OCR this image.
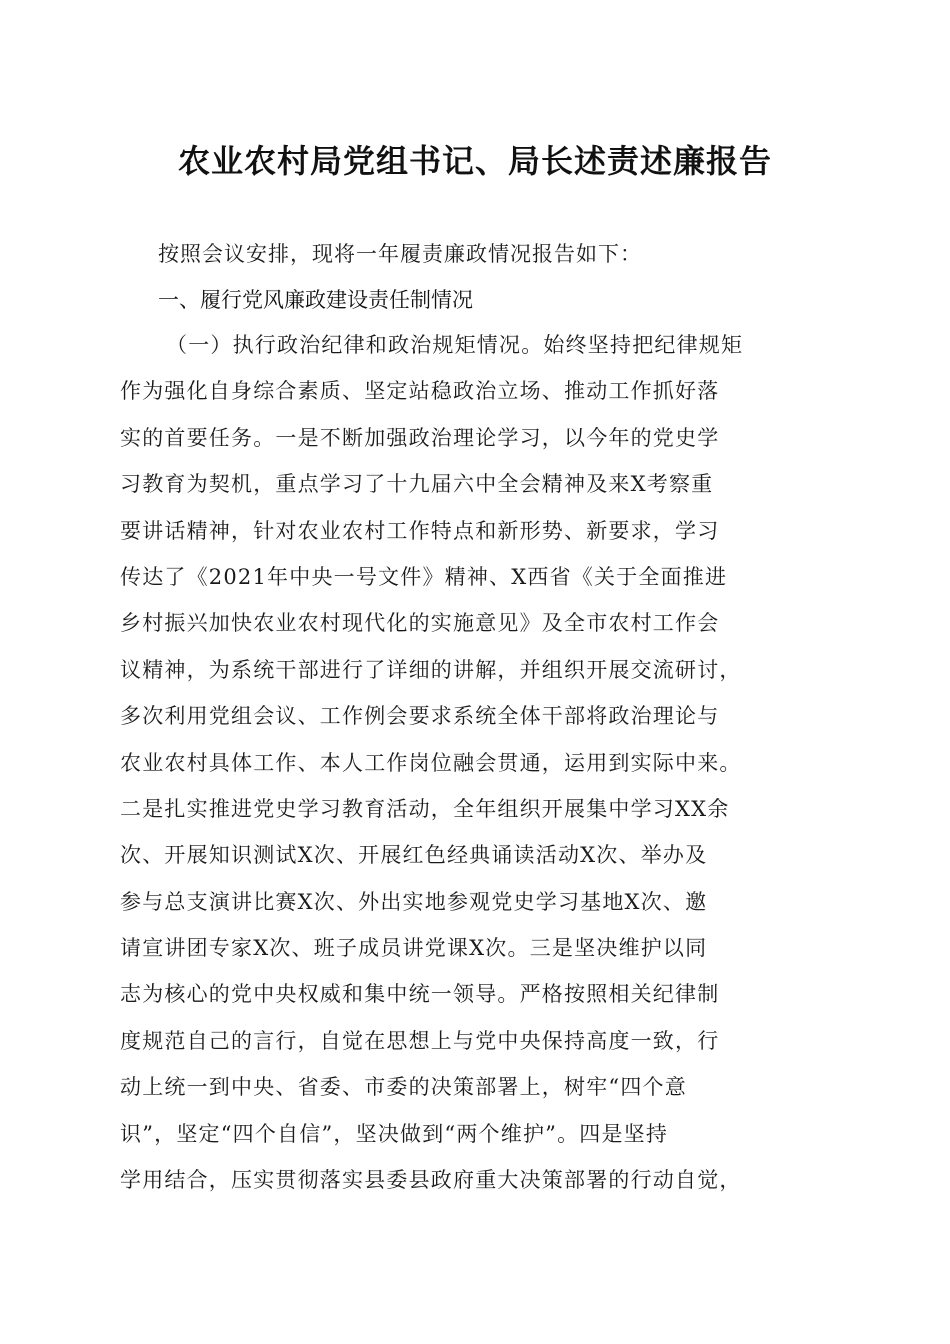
农业农村局党组书记、局长述责述廉报告
按照会议安排，现将一年履责廉政情况报告如下：
一、履行党风廉政建设责任制情况
（一）执行政治纪律和政治规矩情况。始终坚持把纪律规矩
作为强化自身综合素质、坚定站稳政治立场、推动工作抓好落
实的首要任务。一是不断加强政治理论学习，以今年的党史学
习教育为契机，重点学习了十九届六中全会精神及来X考察重
要讲话精神，针对农业农村工作特点和新形势、新要求，学习
传达了《2021年中央一号文件》精神、X西省《关于全面推进
乡村振兴加快农业农村现代化的实施意见》及全市农村工作会
议精神，为系统干部进行了详细的讲解，并组织开展交流研讨，
多次利用党组会议、工作例会要求系统全体干部将政治理论与
农业农村具体工作、本人工作岗位融会贯通，运用到实际中来。
二是扎实推进党史学习教育活动，全年组织开展集中学习XX余
次、开展知识测试X次、开展红色经典诵读活动X次、举办及
参与总支演讲比赛X次、外出实地参观党史学习基地X次、邀
请宣讲团专家X次、班子成员讲党课X次。三是坚决维护以同
志为核心的党中央权威和集中统一领导。严格按照相关纪律制
度规范自己的言行，自觉在思想上与党中央保持高度一致，行
动上统一到中央、省委、市委的决策部署上，树牢“四个意
识”，坚定“四个自信”，坚决做到“两个维护”。四是坚持
学用结合，压实贯彻落实县委县政府重大决策部署的行动自觉，
